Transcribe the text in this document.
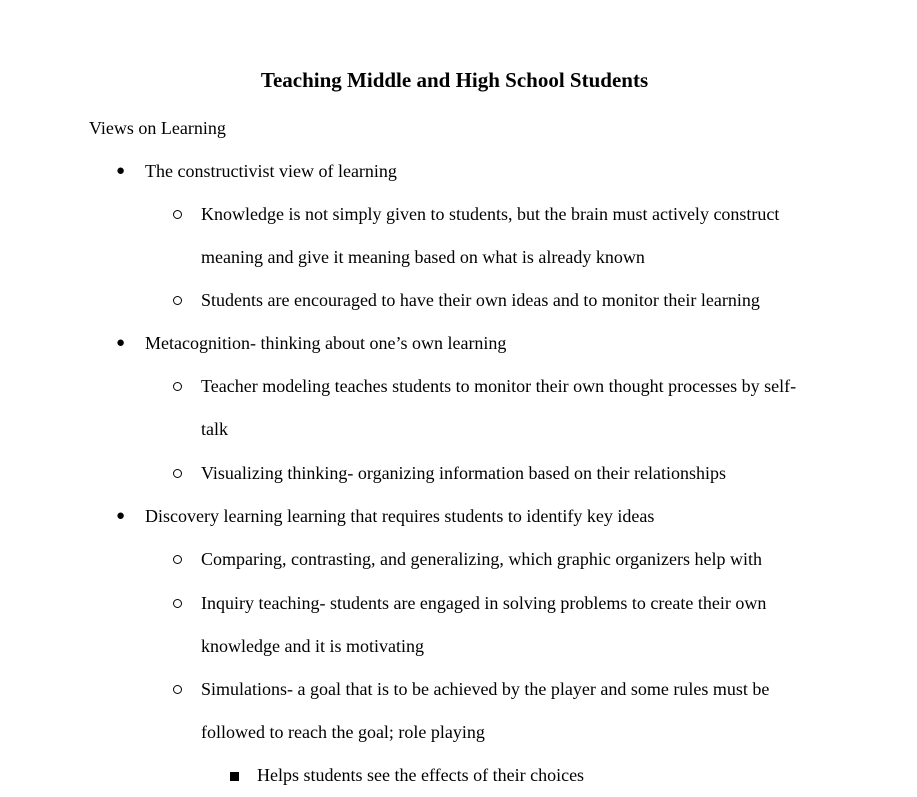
Teaching Middle and High School Students
Views on Learning
● The constructivist view of learning
Knowledge is not simply given to students, but the brain must actively construct meaning and give it meaning based on what is already known
Students are encouraged to have their own ideas and to monitor their learning
● Metacognition- thinking about one’s own learning
Teacher modeling teaches students to monitor their own thought processes by self-talk
Visualizing thinking- organizing information based on their relationships
● Discovery learning learning that requires students to identify key ideas
Comparing, contrasting, and generalizing, which graphic organizers help with
Inquiry teaching- students are engaged in solving problems to create their own knowledge and it is motivating
Simulations- a goal that is to be achieved by the player and some rules must be followed to reach the goal; role playing
Helps students see the effects of their choices
